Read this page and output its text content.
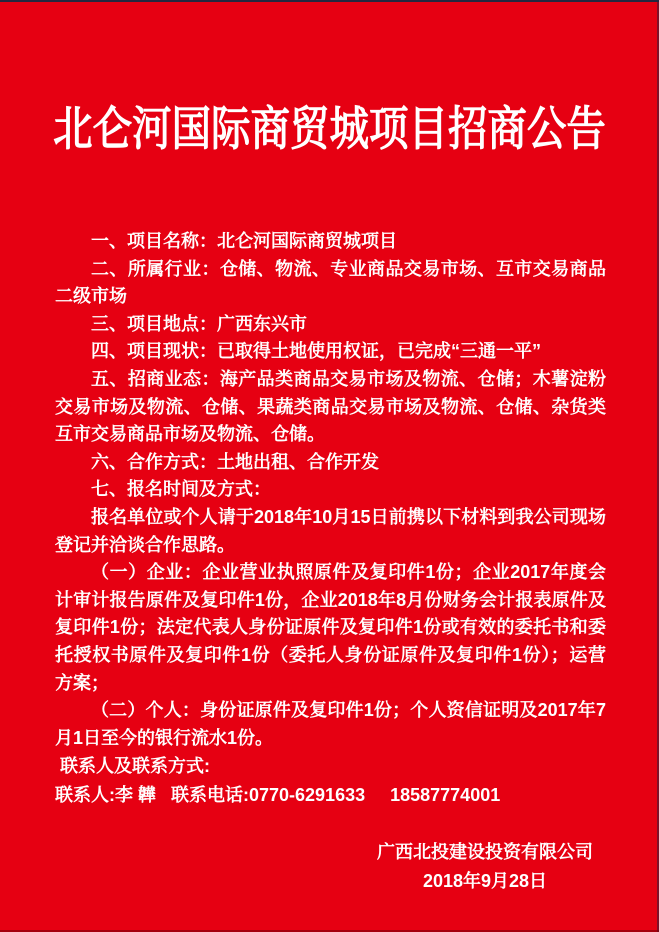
北仑河国际商贸城项目招商公告

一、项目名称：北仑河国际商贸城项目

二、所属行业：仓储、物流、专业商品交易市场、互市交易商品二级市场

三、项目地点：广西东兴市

四、项目现状：已取得土地使用权证，已完成“三通一平”

五、招商业态：海产品类商品交易市场及物流、仓储；木薯淀粉交易市场及物流、仓储、果蔬类商品交易市场及物流、仓储、杂货类互市交易商品市场及物流、仓储。

六、合作方式：土地出租、合作开发

七、报名时间及方式：

报名单位或个人请于2018年10月15日前携以下材料到我公司现场登记并洽谈合作思路。

（一）企业：企业营业执照原件及复印件1份；企业2017年度会计审计报告原件及复印件1份，企业2018年8月份财务会计报表原件及复印件1份；法定代表人身份证原件及复印件1份或有效的委托书和委托授权书原件及复印件1份（委托人身份证原件及复印件1份）；运营方案；

（二）个人：身份证原件及复印件1份；个人资信证明及2017年7月1日至今的银行流水1份。

联系人及联系方式:
联系人:李 韡   联系电话:0770-6291633     18587774001
广西北投建设投资有限公司
2018年9月28日
